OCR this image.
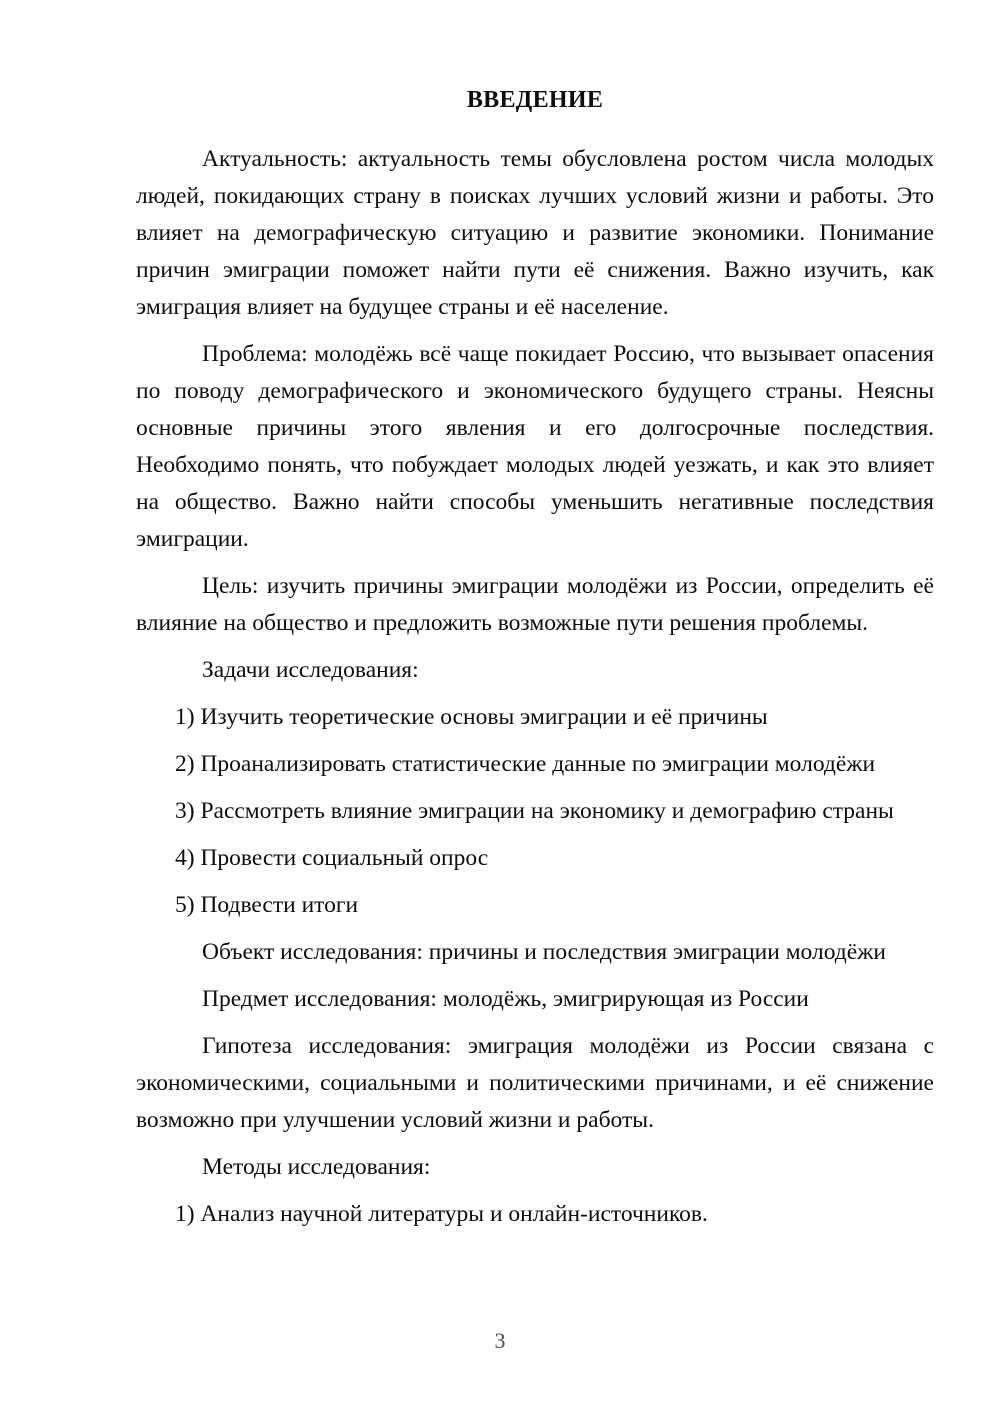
ВВЕДЕНИЕ

Актуальность: актуальность темы обусловлена ростом числа молодых людей, покидающих страну в поисках лучших условий жизни и работы. Это влияет на демографическую ситуацию и развитие экономики. Понимание причин эмиграции поможет найти пути её снижения. Важно изучить, как эмиграция влияет на будущее страны и её население.

Проблема: молодёжь всё чаще покидает Россию, что вызывает опасения по поводу демографического и экономического будущего страны. Неясны основные причины этого явления и его долгосрочные последствия. Необходимо понять, что побуждает молодых людей уезжать, и как это влияет на общество. Важно найти способы уменьшить негативные последствия эмиграции.

Цель: изучить причины эмиграции молодёжи из России, определить её влияние на общество и предложить возможные пути решения проблемы.

Задачи исследования:

1) Изучить теоретические основы эмиграции и её причины

2) Проанализировать статистические данные по эмиграции молодёжи

3) Рассмотреть влияние эмиграции на экономику и демографию страны

4) Провести социальный опрос

5) Подвести итоги

Объект исследования: причины и последствия эмиграции молодёжи

Предмет исследования: молодёжь, эмигрирующая из России

Гипотеза исследования: эмиграция молодёжи из России связана с экономическими, социальными и политическими причинами, и её снижение возможно при улучшении условий жизни и работы.

Методы исследования:

1) Анализ научной литературы и онлайн-источников.

3
